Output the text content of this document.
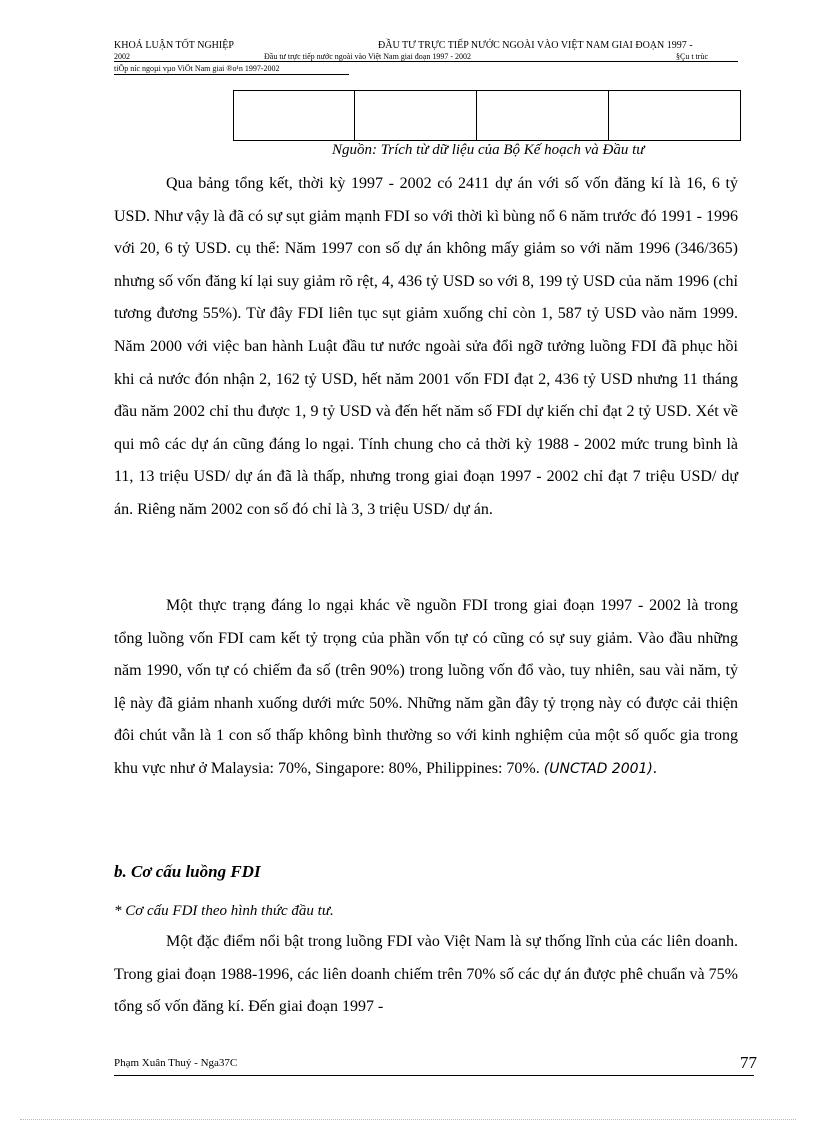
KHOÁ LUẬN TỐT NGHIỆP	ĐẦU TƯ TRỰC TIẾP NƯỚC NGOÀI VÀO VIỆT NAM GIAI ĐOẠN 1997 -
2002	Đầu tư trực tiếp nước ngoài vào Việt Nam giai đoạn 1997 - 2002	§Çu t trùc
tiÕp níc ngoµi vµo ViÖt Nam giai ®o¹n 1997-2002

Nguồn: Trích từ dữ liệu của Bộ Kế hoạch và Đầu tư

Qua bảng tổng kết, thời kỳ 1997 - 2002 có 2411 dự án với số vốn đăng kí là 16, 6 tỷ USD. Như vậy là đã có sự sụt giảm mạnh FDI so với thời kì bùng nổ 6 năm trước đó 1991 - 1996 với 20, 6 tỷ USD. cụ thể: Năm 1997 con số dự án không mấy giảm so với năm 1996 (346/365) nhưng số vốn đăng kí lại suy giảm rõ rệt, 4, 436 tỷ USD so với 8, 199 tỷ USD của năm 1996 (chỉ tương đương 55%). Từ đây FDI liên tục sụt giảm xuống chỉ còn 1, 587 tỷ USD vào năm 1999. Năm 2000 với việc ban hành Luật đầu tư nước ngoài sửa đổi ngỡ tưởng luồng FDI đã phục hồi khi cả nước đón nhận 2, 162 tỷ USD, hết năm 2001 vốn FDI đạt 2, 436 tỷ USD nhưng 11 tháng đầu năm 2002 chỉ thu được 1, 9 tỷ USD và đến hết năm số FDI dự kiến chỉ đạt 2 tỷ USD. Xét về qui mô các dự án cũng đáng lo ngại. Tính chung cho cả thời kỳ 1988 - 2002 mức trung bình là 11, 13 triệu USD/ dự án đã là thấp, nhưng trong giai đoạn 1997 - 2002 chỉ đạt 7 triệu USD/ dự án. Riêng năm 2002 con số đó chỉ là 3, 3 triệu USD/ dự án.

Một thực trạng đáng lo ngại khác về nguồn FDI trong giai đoạn 1997 - 2002 là trong tổng luồng vốn FDI cam kết tỷ trọng của phần vốn tự có cũng có sự suy giảm. Vào đầu những năm 1990, vốn tự có chiếm đa số (trên 90%) trong luồng vốn đổ vào, tuy nhiên, sau vài năm, tỷ lệ này đã giảm nhanh xuống dưới mức 50%. Những năm gần đây tỷ trọng này có được cải thiện đôi chút vẫn là 1 con số thấp không bình thường so với kinh nghiệm của một số quốc gia trong khu vực như ở Malaysia: 70%, Singapore: 80%, Philippines: 70%. (UNCTAD 2001).

b. Cơ cấu luồng FDI
* Cơ cấu FDI theo hình thức đầu tư.

Một đặc điểm nổi bật trong luồng FDI vào Việt Nam là sự thống lĩnh của các liên doanh. Trong giai đoạn 1988-1996, các liên doanh chiếm trên 70% số các dự án được phê chuẩn và 75% tổng số vốn đăng kí. Đến giai đoạn 1997 -

Phạm Xuân Thuỷ - Nga37C	77
